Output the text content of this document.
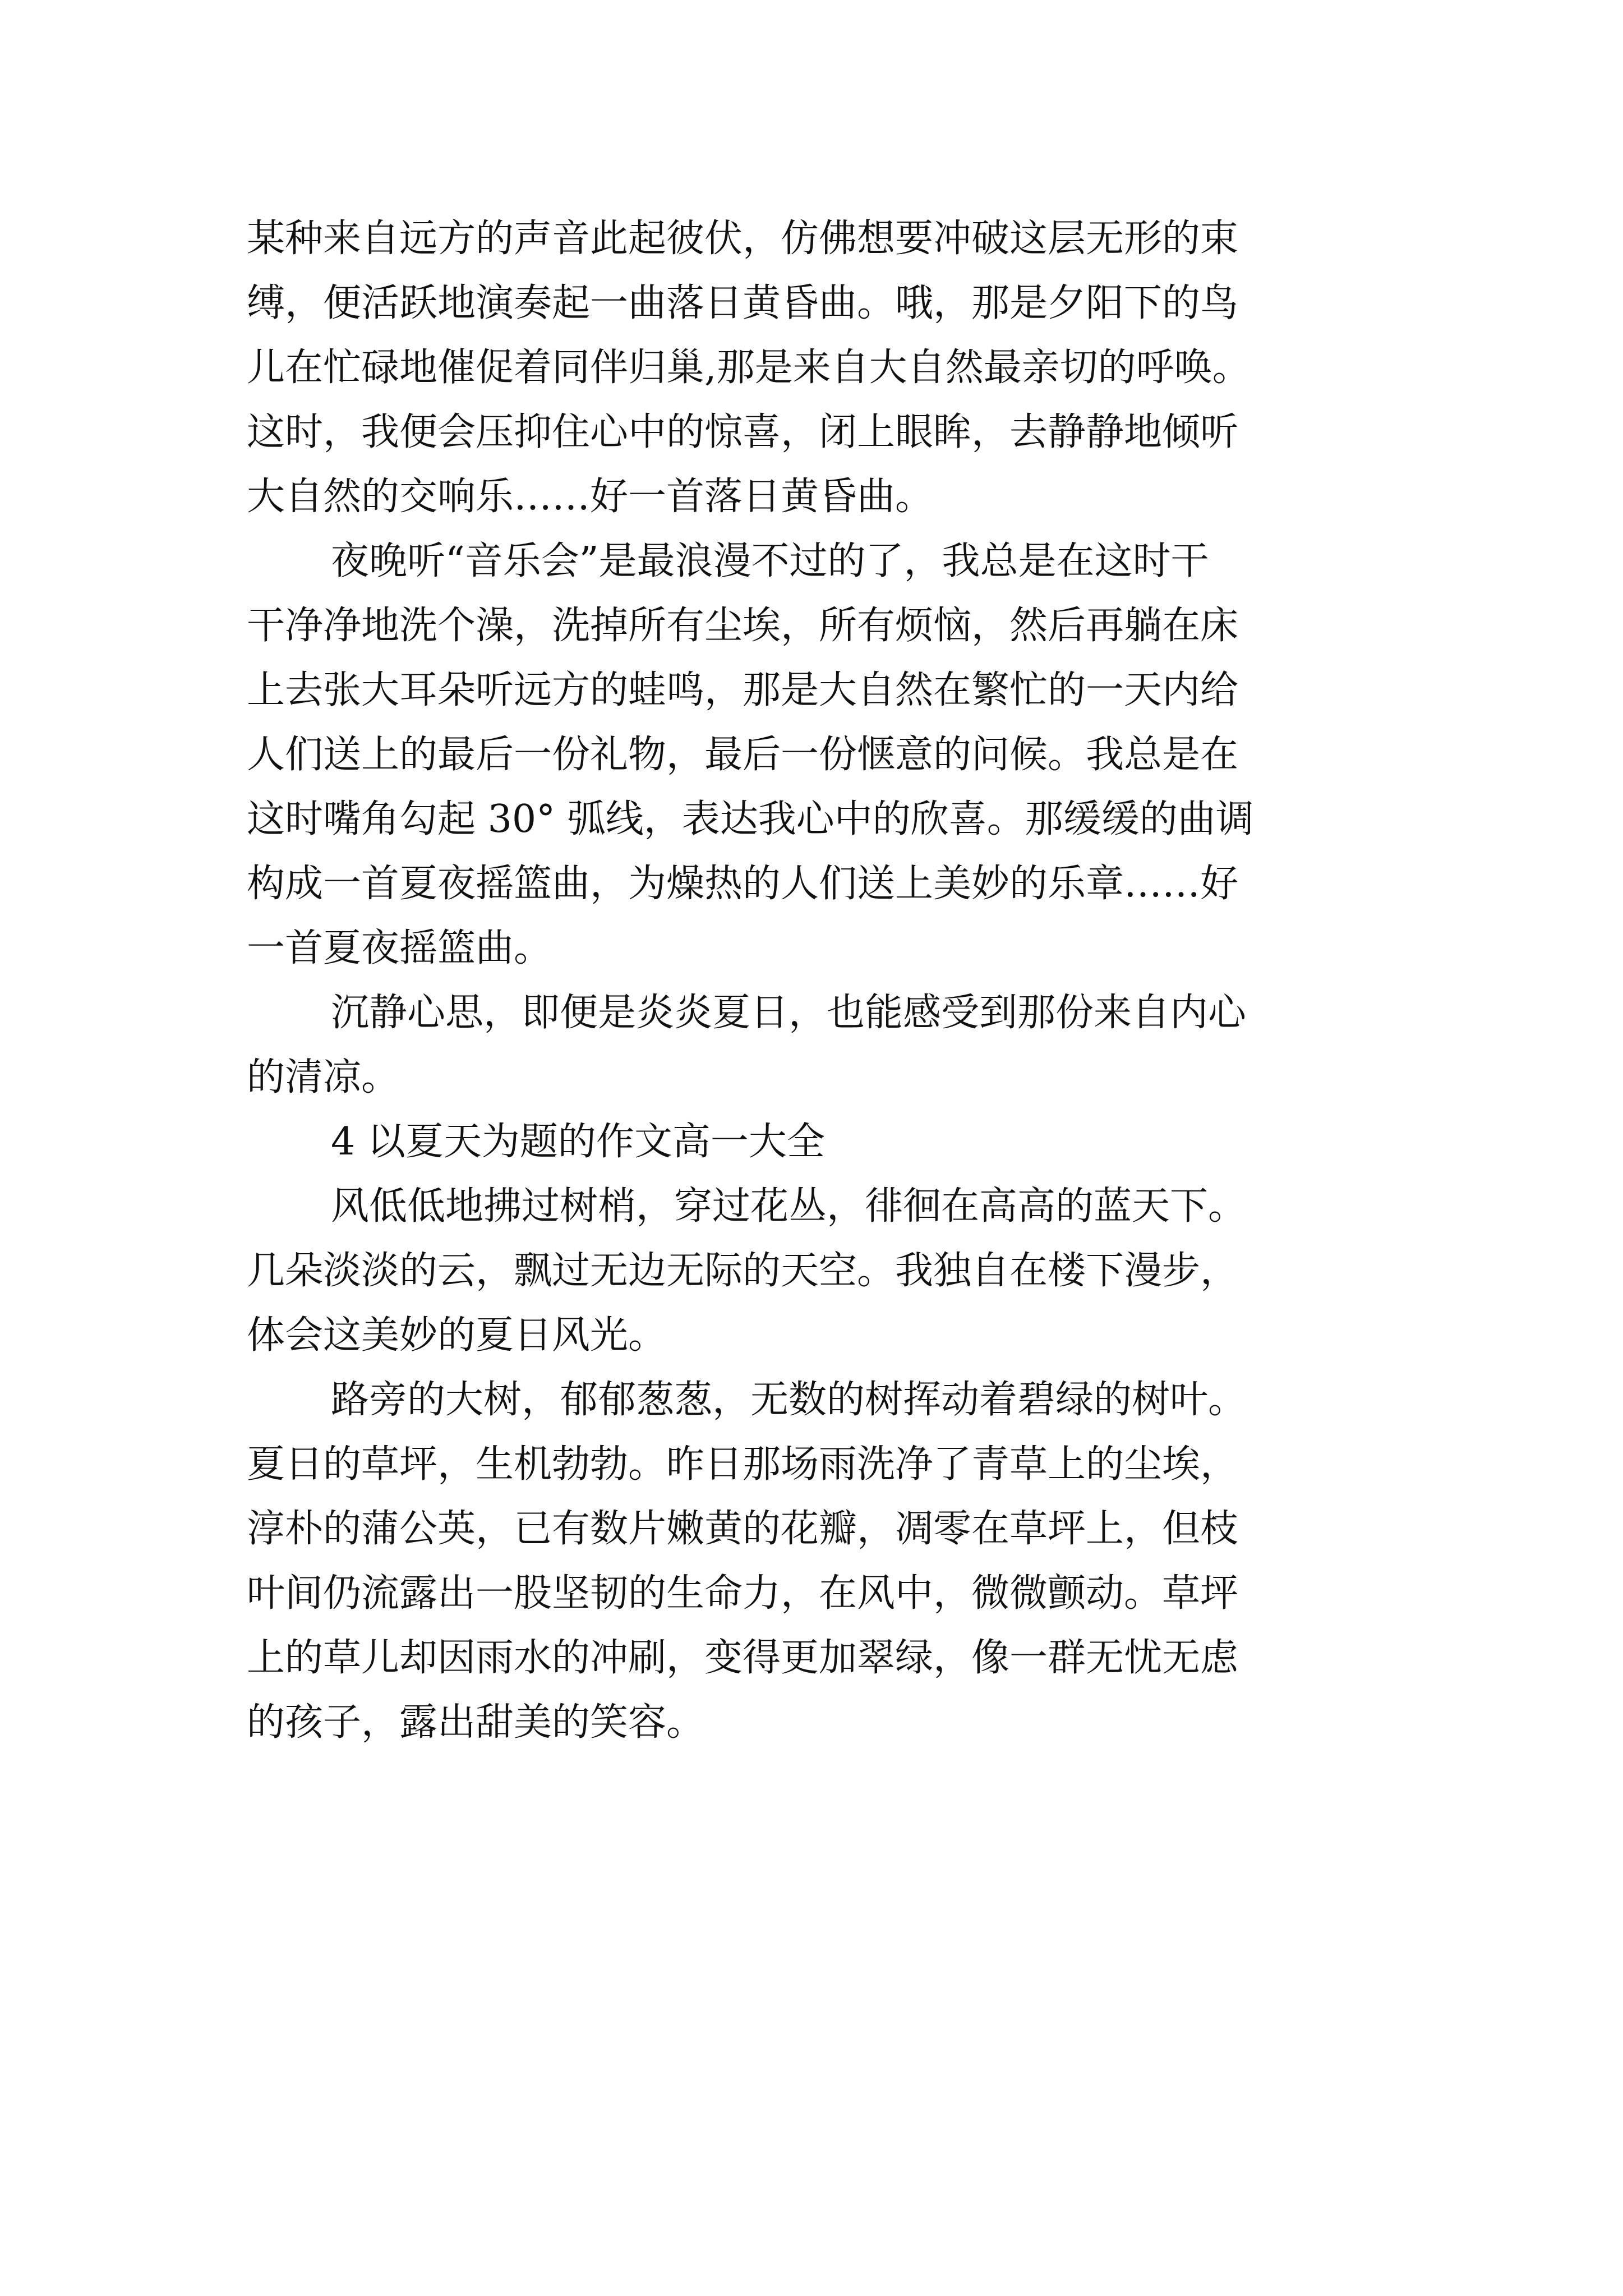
某种来自远方的声音此起彼伏，仿佛想要冲破这层无形的束
缚，便活跃地演奏起一曲落日黄昏曲。哦，那是夕阳下的鸟
儿在忙碌地催促着同伴归巢,那是来自大自然最亲切的呼唤。
这时，我便会压抑住心中的惊喜，闭上眼眸，去静静地倾听
大自然的交响乐……好一首落日黄昏曲。
夜晚听“音乐会”是最浪漫不过的了，我总是在这时干
干净净地洗个澡，洗掉所有尘埃，所有烦恼，然后再躺在床
上去张大耳朵听远方的蛙鸣，那是大自然在繁忙的一天内给
人们送上的最后一份礼物，最后一份惬意的问候。我总是在
这时嘴角勾起 30° 弧线，表达我心中的欣喜。那缓缓的曲调
构成一首夏夜摇篮曲，为燥热的人们送上美妙的乐章……好
一首夏夜摇篮曲。
沉静心思，即便是炎炎夏日，也能感受到那份来自内心
的清凉。
4 以夏天为题的作文高一大全
风低低地拂过树梢，穿过花丛，徘徊在高高的蓝天下。
几朵淡淡的云，飘过无边无际的天空。我独自在楼下漫步，
体会这美妙的夏日风光。
路旁的大树，郁郁葱葱，无数的树挥动着碧绿的树叶。
夏日的草坪，生机勃勃。昨日那场雨洗净了青草上的尘埃，
淳朴的蒲公英，已有数片嫩黄的花瓣，凋零在草坪上，但枝
叶间仍流露出一股坚韧的生命力，在风中，微微颤动。草坪
上的草儿却因雨水的冲刷，变得更加翠绿，像一群无忧无虑
的孩子，露出甜美的笑容。
